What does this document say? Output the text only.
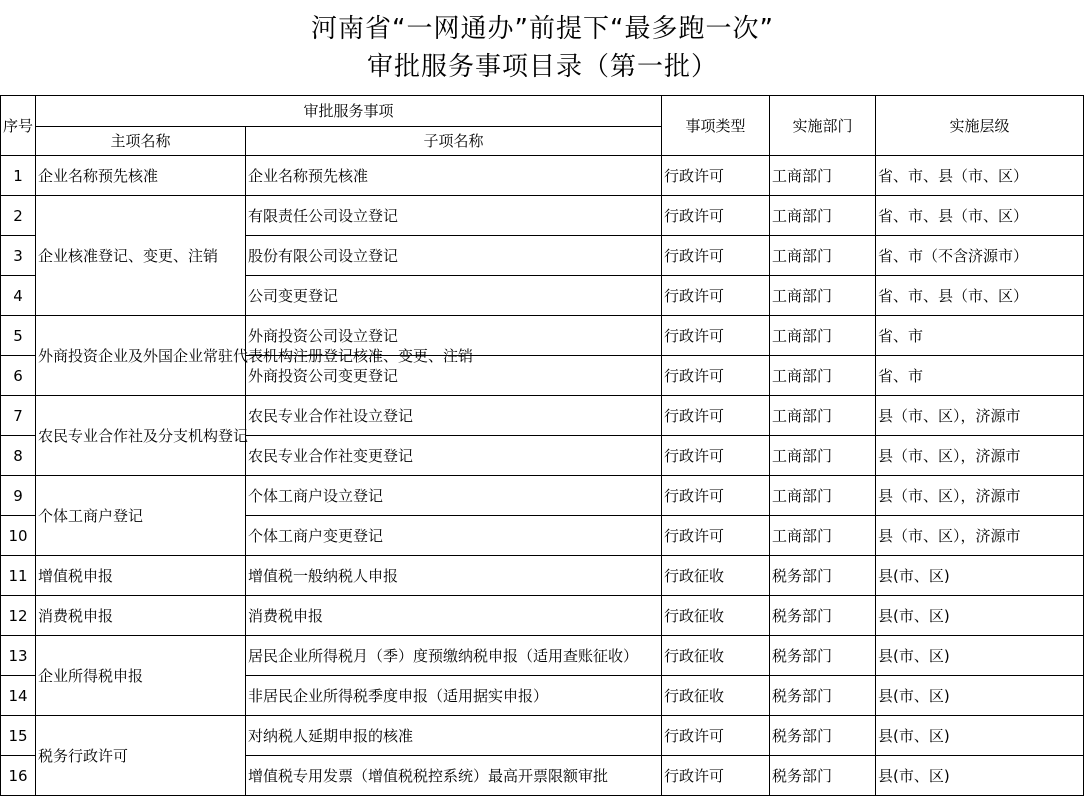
河南省“一网通办”前提下“最多跑一次”
审批服务事项目录（第一批）
序号	审批服务事项		事项类型	实施部门	实施层级
	主项名称	子项名称			
1	企业名称预先核准	企业名称预先核准	行政许可	工商部门	省、市、县（市、区）
2	企业核准登记、变更、注销	有限责任公司设立登记	行政许可	工商部门	省、市、县（市、区）
3		股份有限公司设立登记	行政许可	工商部门	省、市（不含济源市）
4		公司变更登记	行政许可	工商部门	省、市、县（市、区）
5	外商投资企业及外国企业常驻代表机构注册登记核准、变更、注销	外商投资公司设立登记	行政许可	工商部门	省、市
6		外商投资公司变更登记	行政许可	工商部门	省、市
7	农民专业合作社及分支机构登记	农民专业合作社设立登记	行政许可	工商部门	县（市、区），济源市
8		农民专业合作社变更登记	行政许可	工商部门	县（市、区），济源市
9	个体工商户登记	个体工商户设立登记	行政许可	工商部门	县（市、区），济源市
10		个体工商户变更登记	行政许可	工商部门	县（市、区），济源市
11	增值税申报	增值税一般纳税人申报	行政征收	税务部门	县(市、区)
12	消费税申报	消费税申报	行政征收	税务部门	县(市、区)
13	企业所得税申报	居民企业所得税月（季）度预缴纳税申报（适用查账征收）	行政征收	税务部门	县(市、区)
14		非居民企业所得税季度申报（适用据实申报）	行政征收	税务部门	县(市、区)
15	税务行政许可	对纳税人延期申报的核准	行政许可	税务部门	县(市、区)
16		增值税专用发票（增值税税控系统）最高开票限额审批	行政许可	税务部门	县(市、区)
